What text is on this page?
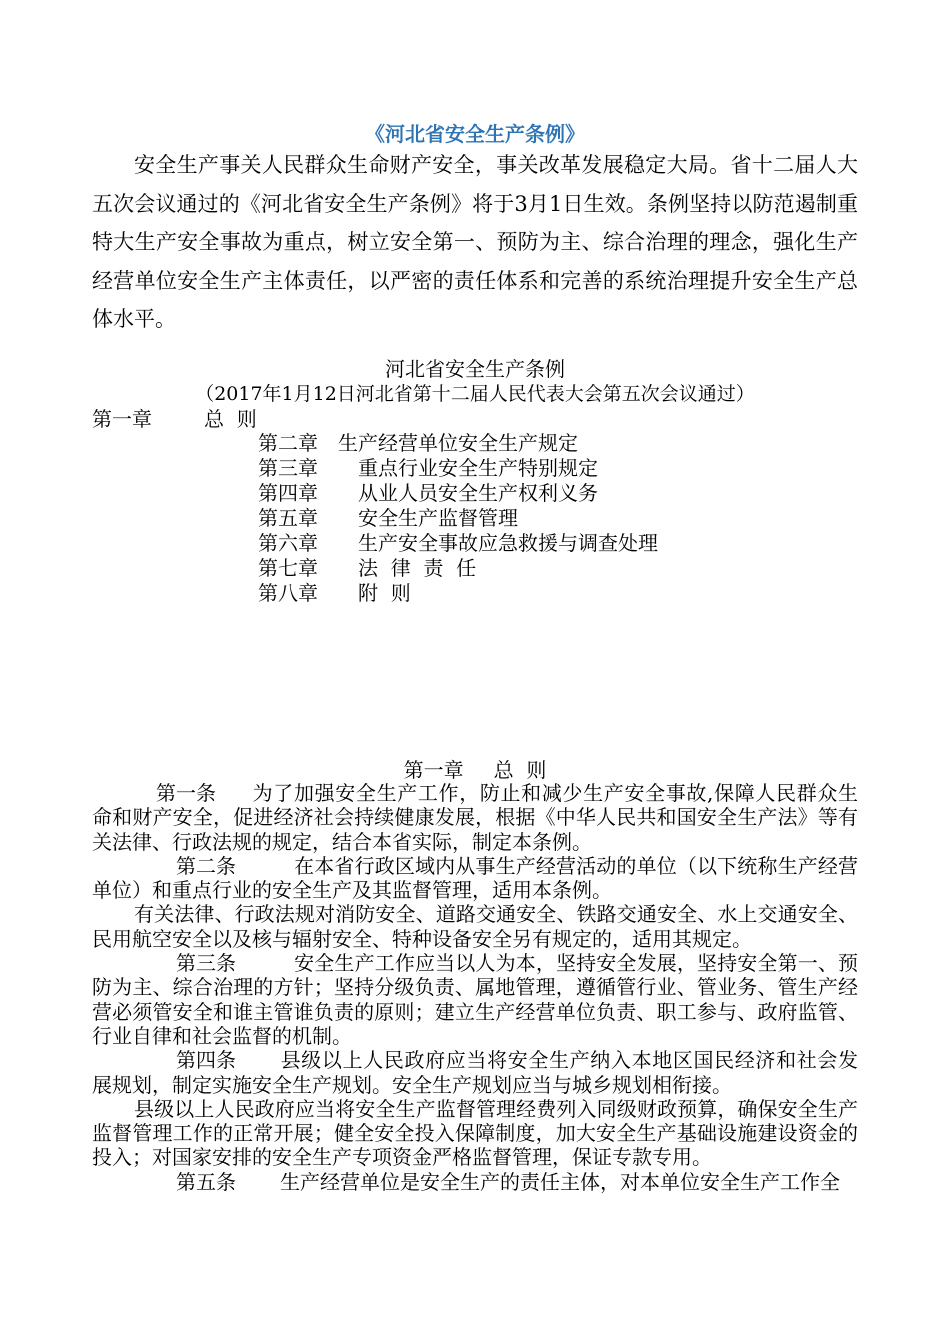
《河北省安全生产条例》

安全生产事关人民群众生命财产安全，事关改革发展稳定大局。省十二届人大五次会议通过的《河北省安全生产条例》将于3月1日生效。条例坚持以防范遏制重特大生产安全事故为重点，树立安全第一、预防为主、综合治理的理念，强化生产经营单位安全生产主体责任，以严密的责任体系和完善的系统治理提升安全生产总体水平。

河北省安全生产条例
（2017年1月12日河北省第十二届人民代表大会第五次会议通过）
第一章	总  则
第二章 生产经营单位安全生产规定
第三章 重点行业安全生产特别规定
第四章 从业人员安全生产权利义务
第五章 安全生产监督管理
第六章 生产安全事故应急救援与调查处理
第七章 法  律  责  任
第八章 附  则
第一章 总  则

第一条 为了加强安全生产工作，防止和减少生产安全事故,保障人民群众生命和财产安全，促进经济社会持续健康发展，根据《中华人民共和国安全生产法》等有关法律、行政法规的规定，结合本省实际，制定本条例。

第二条	在本省行政区域内从事生产经营活动的单位（以下统称生产经营单位）和重点行业的安全生产及其监督管理，适用本条例。

有关法律、行政法规对消防安全、道路交通安全、铁路交通安全、水上交通安全、民用航空安全以及核与辐射安全、特种设备安全另有规定的，适用其规定。

第三条	安全生产工作应当以人为本，坚持安全发展，坚持安全第一、预防为主、综合治理的方针；坚持分级负责、属地管理，遵循管行业、管业务、管生产经营必须管安全和谁主管谁负责的原则；建立生产经营单位负责、职工参与、政府监管、行业自律和社会监督的机制。

第四条 县级以上人民政府应当将安全生产纳入本地区国民经济和社会发展规划，制定实施安全生产规划。安全生产规划应当与城乡规划相衔接。

县级以上人民政府应当将安全生产监督管理经费列入同级财政预算，确保安全生产监督管理工作的正常开展；健全安全投入保障制度，加大安全生产基础设施建设资金的投入；对国家安排的安全生产专项资金严格监督管理，保证专款专用。

第五条 生产经营单位是安全生产的责任主体，对本单位安全生产工作全
